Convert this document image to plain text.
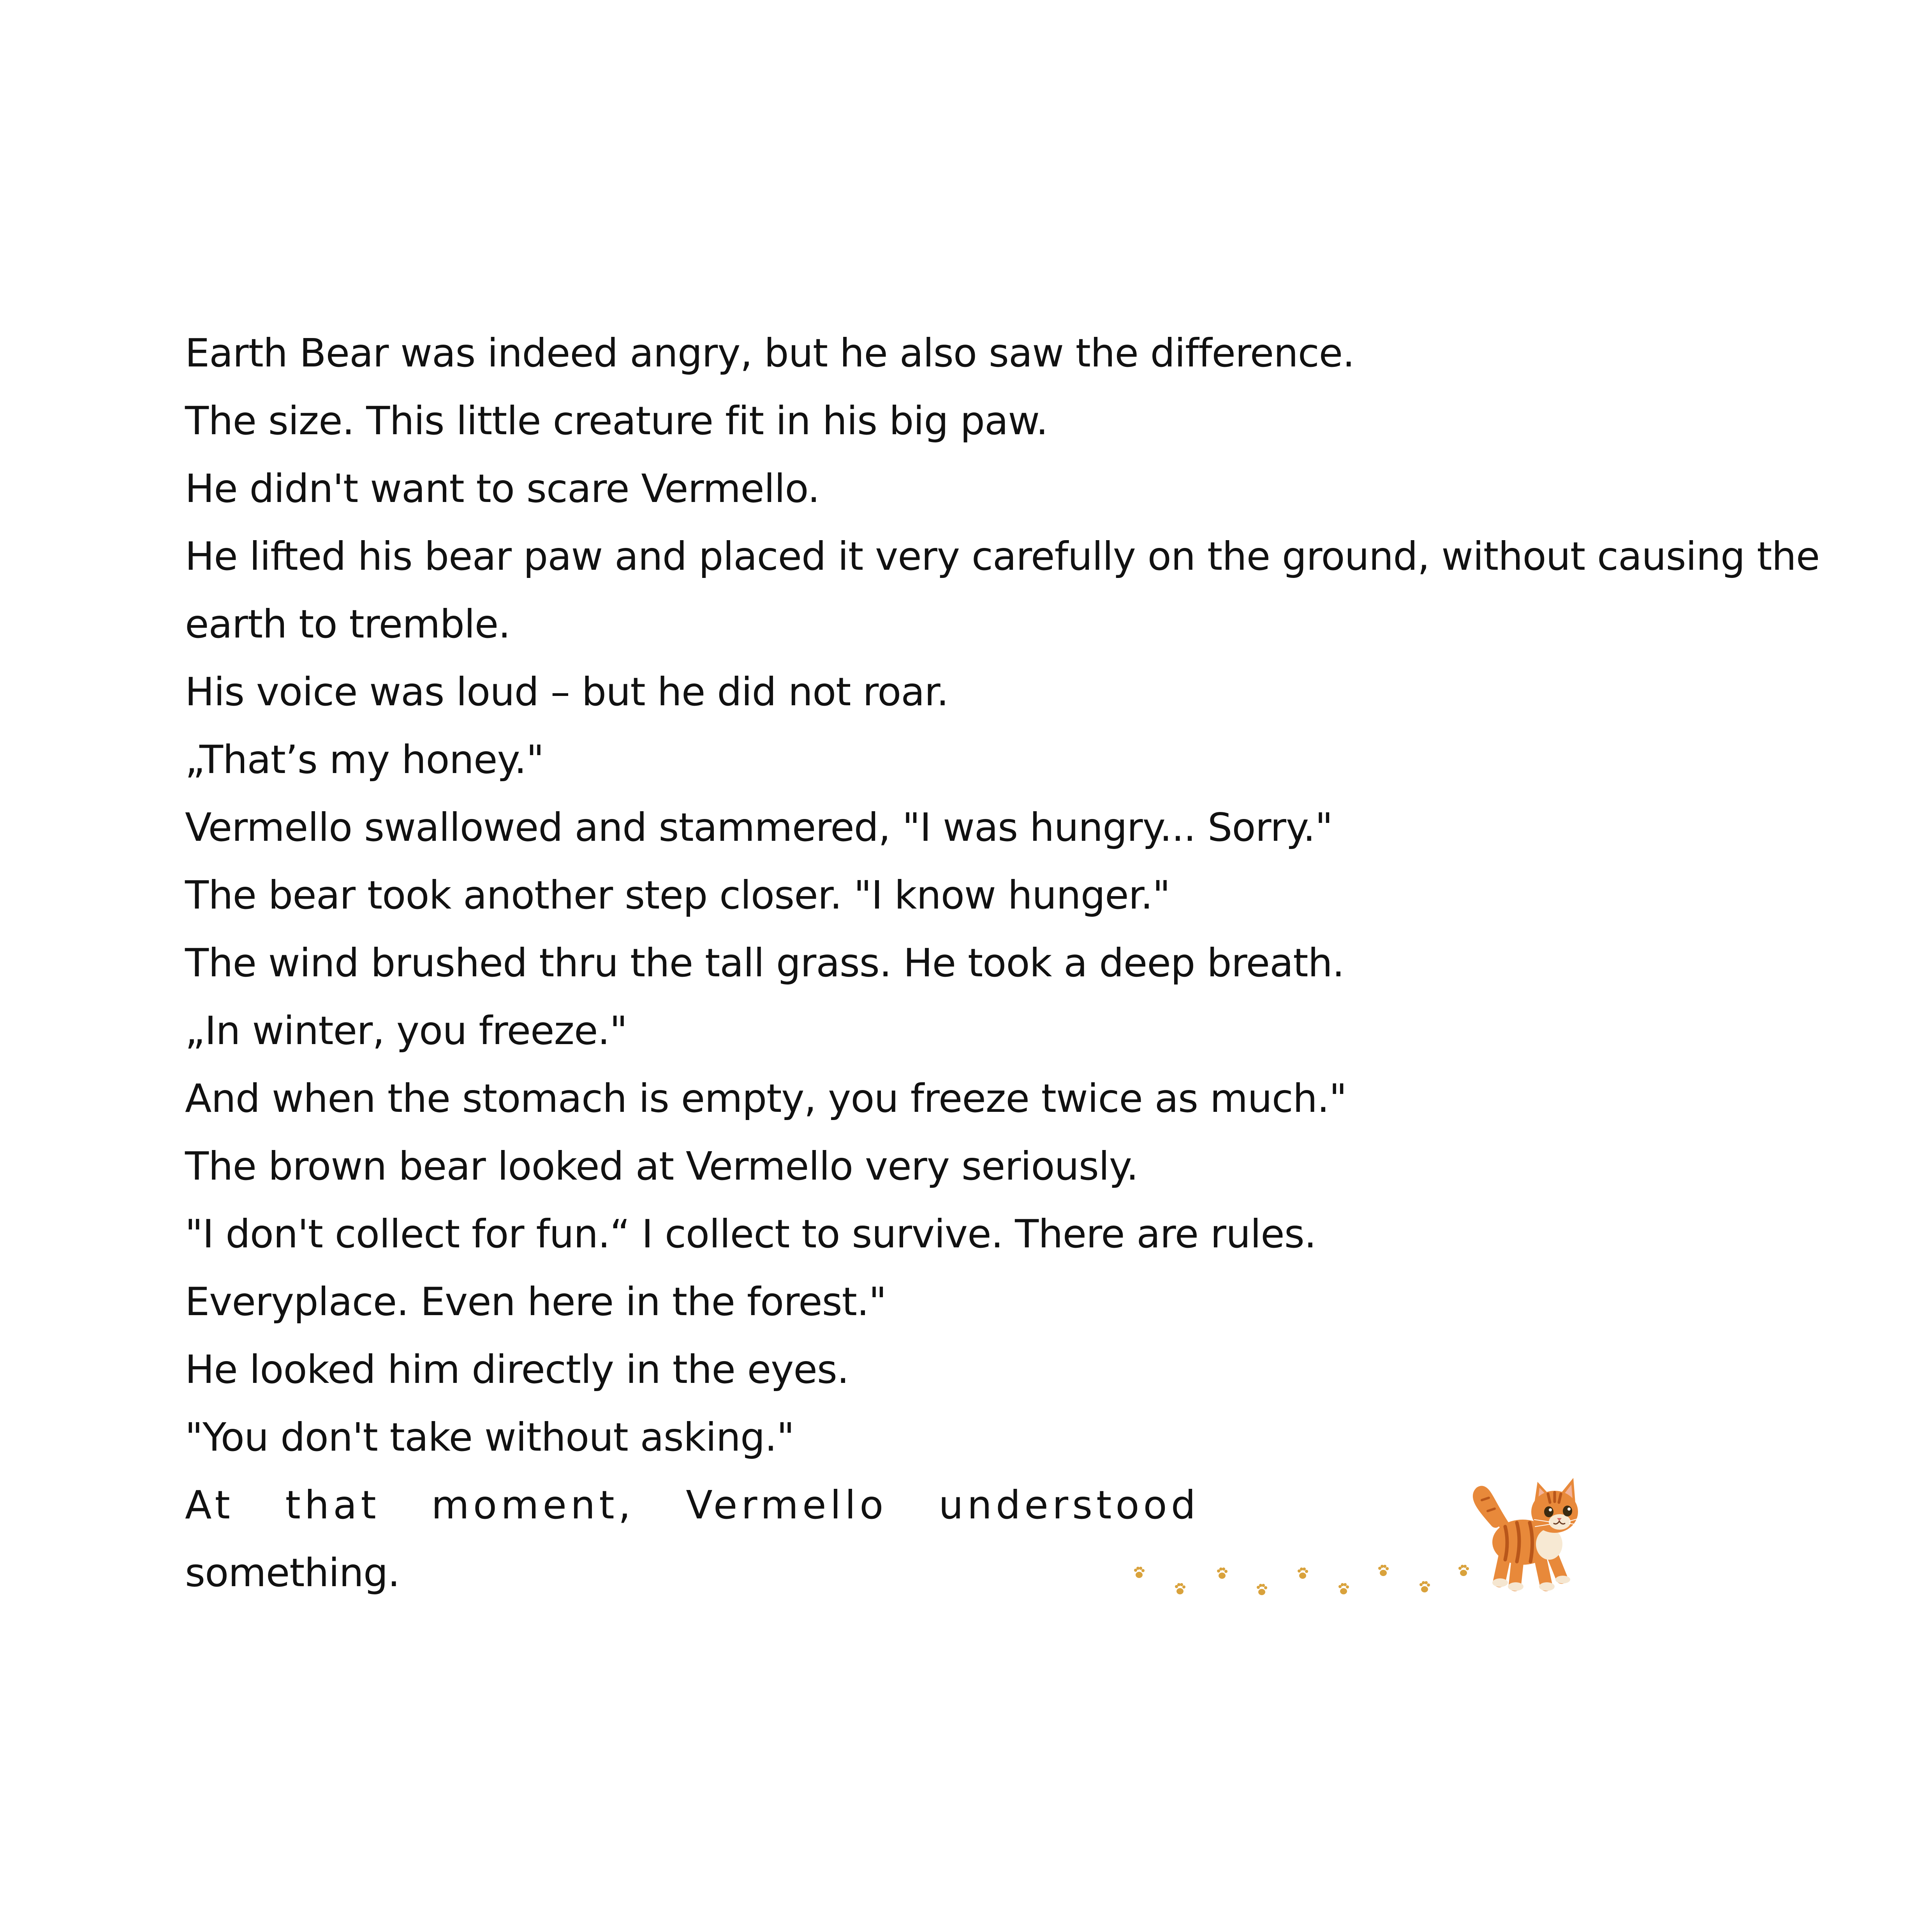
Earth Bear was indeed angry, but he also saw the difference.
The size. This little creature fit in his big paw.
He didn't want to scare Vermello.
He lifted his bear paw and placed it very carefully on the ground, without causing the
earth to tremble.
His voice was loud – but he did not roar.
„That’s my honey."
Vermello swallowed and stammered, "I was hungry... Sorry."
The bear took another step closer. "I know hunger."
The wind brushed thru the tall grass. He took a deep breath.
„In winter, you freeze."
And when the stomach is empty, you freeze twice as much."
The brown bear looked at Vermello very seriously.
"I don't collect for fun.“ I collect to survive. There are rules.
Everyplace. Even here in the forest."
He looked him directly in the eyes.
"You don't take without asking."
At that moment, Vermello understood
something.
